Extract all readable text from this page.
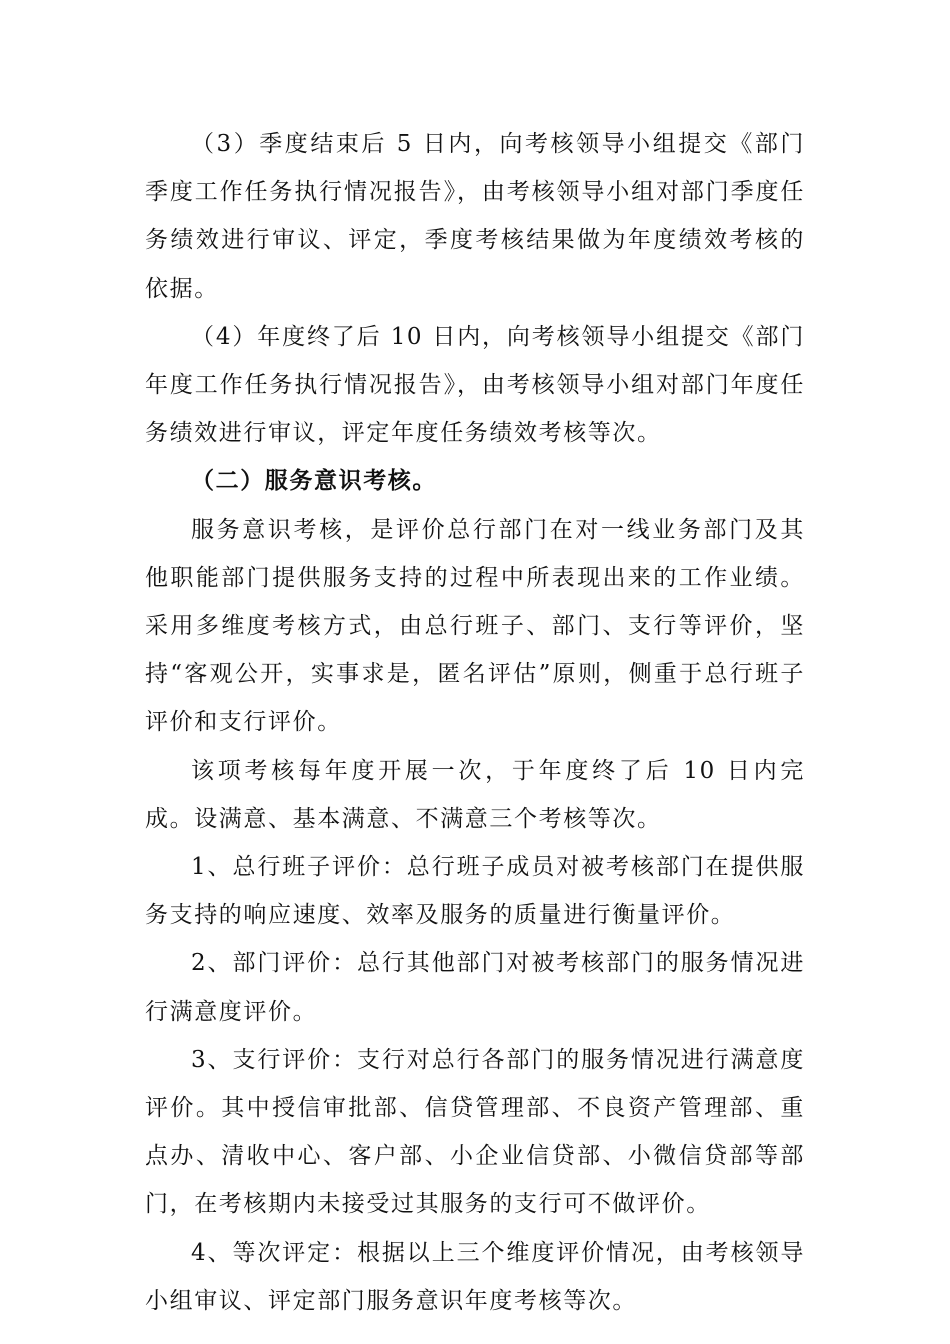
（3）季度结束后 5 日内，向考核领导小组提交《部门季度工作任务执行情况报告》，由考核领导小组对部门季度任务绩效进行审议、评定，季度考核结果做为年度绩效考核的依据。

（4）年度终了后 10 日内，向考核领导小组提交《部门年度工作任务执行情况报告》，由考核领导小组对部门年度任务绩效进行审议，评定年度任务绩效考核等次。

（二）服务意识考核。

服务意识考核，是评价总行部门在对一线业务部门及其他职能部门提供服务支持的过程中所表现出来的工作业绩。采用多维度考核方式，由总行班子、部门、支行等评价，坚持“客观公开，实事求是，匿名评估”原则，侧重于总行班子评价和支行评价。

该项考核每年度开展一次，于年度终了后 10 日内完成。设满意、基本满意、不满意三个考核等次。

1、总行班子评价：总行班子成员对被考核部门在提供服务支持的响应速度、效率及服务的质量进行衡量评价。

2、部门评价：总行其他部门对被考核部门的服务情况进行满意度评价。

3、支行评价：支行对总行各部门的服务情况进行满意度评价。其中授信审批部、信贷管理部、不良资产管理部、重点办、清收中心、客户部、小企业信贷部、小微信贷部等部门，在考核期内未接受过其服务的支行可不做评价。

4、等次评定：根据以上三个维度评价情况，由考核领导小组审议、评定部门服务意识年度考核等次。
